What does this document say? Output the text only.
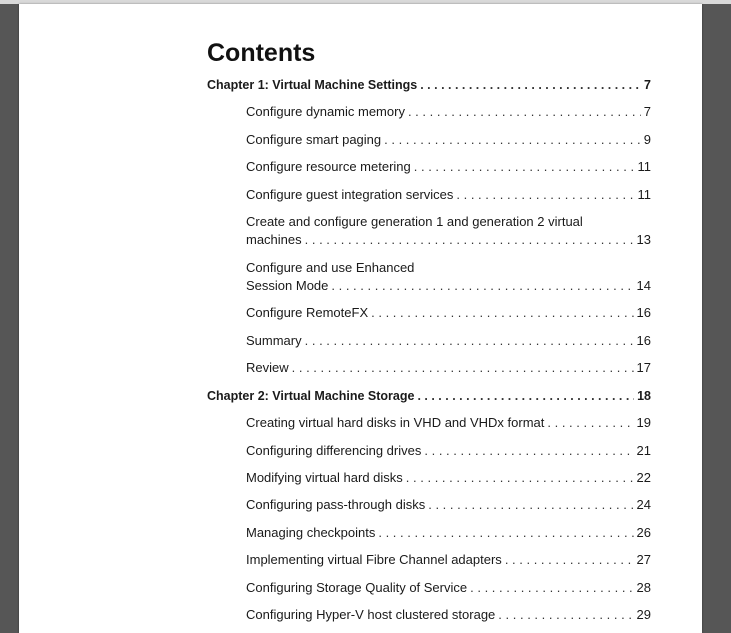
Contents
Chapter 1: Virtual Machine Settings . . .	7
Configure dynamic memory . . .	7
Configure smart paging . . .	9
Configure resource metering . . .	11
Configure guest integration services . . .	11
Create and configure generation 1 and generation 2 virtual
machines . . .	13
Configure and use Enhanced
Session Mode . . .	14
Configure RemoteFX . . .	16
Summary . . .	16
Review . . .	17
Chapter 2: Virtual Machine Storage . . .	18
Creating virtual hard disks in VHD and VHDx format . . .	19
Configuring differencing drives . . .	21
Modifying virtual hard disks . . .	22
Configuring pass-through disks . . .	24
Managing checkpoints . . .	26
Implementing virtual Fibre Channel adapters . . .	27
Configuring Storage Quality of Service . . .	28
Configuring Hyper-V host clustered storage . . .	29
